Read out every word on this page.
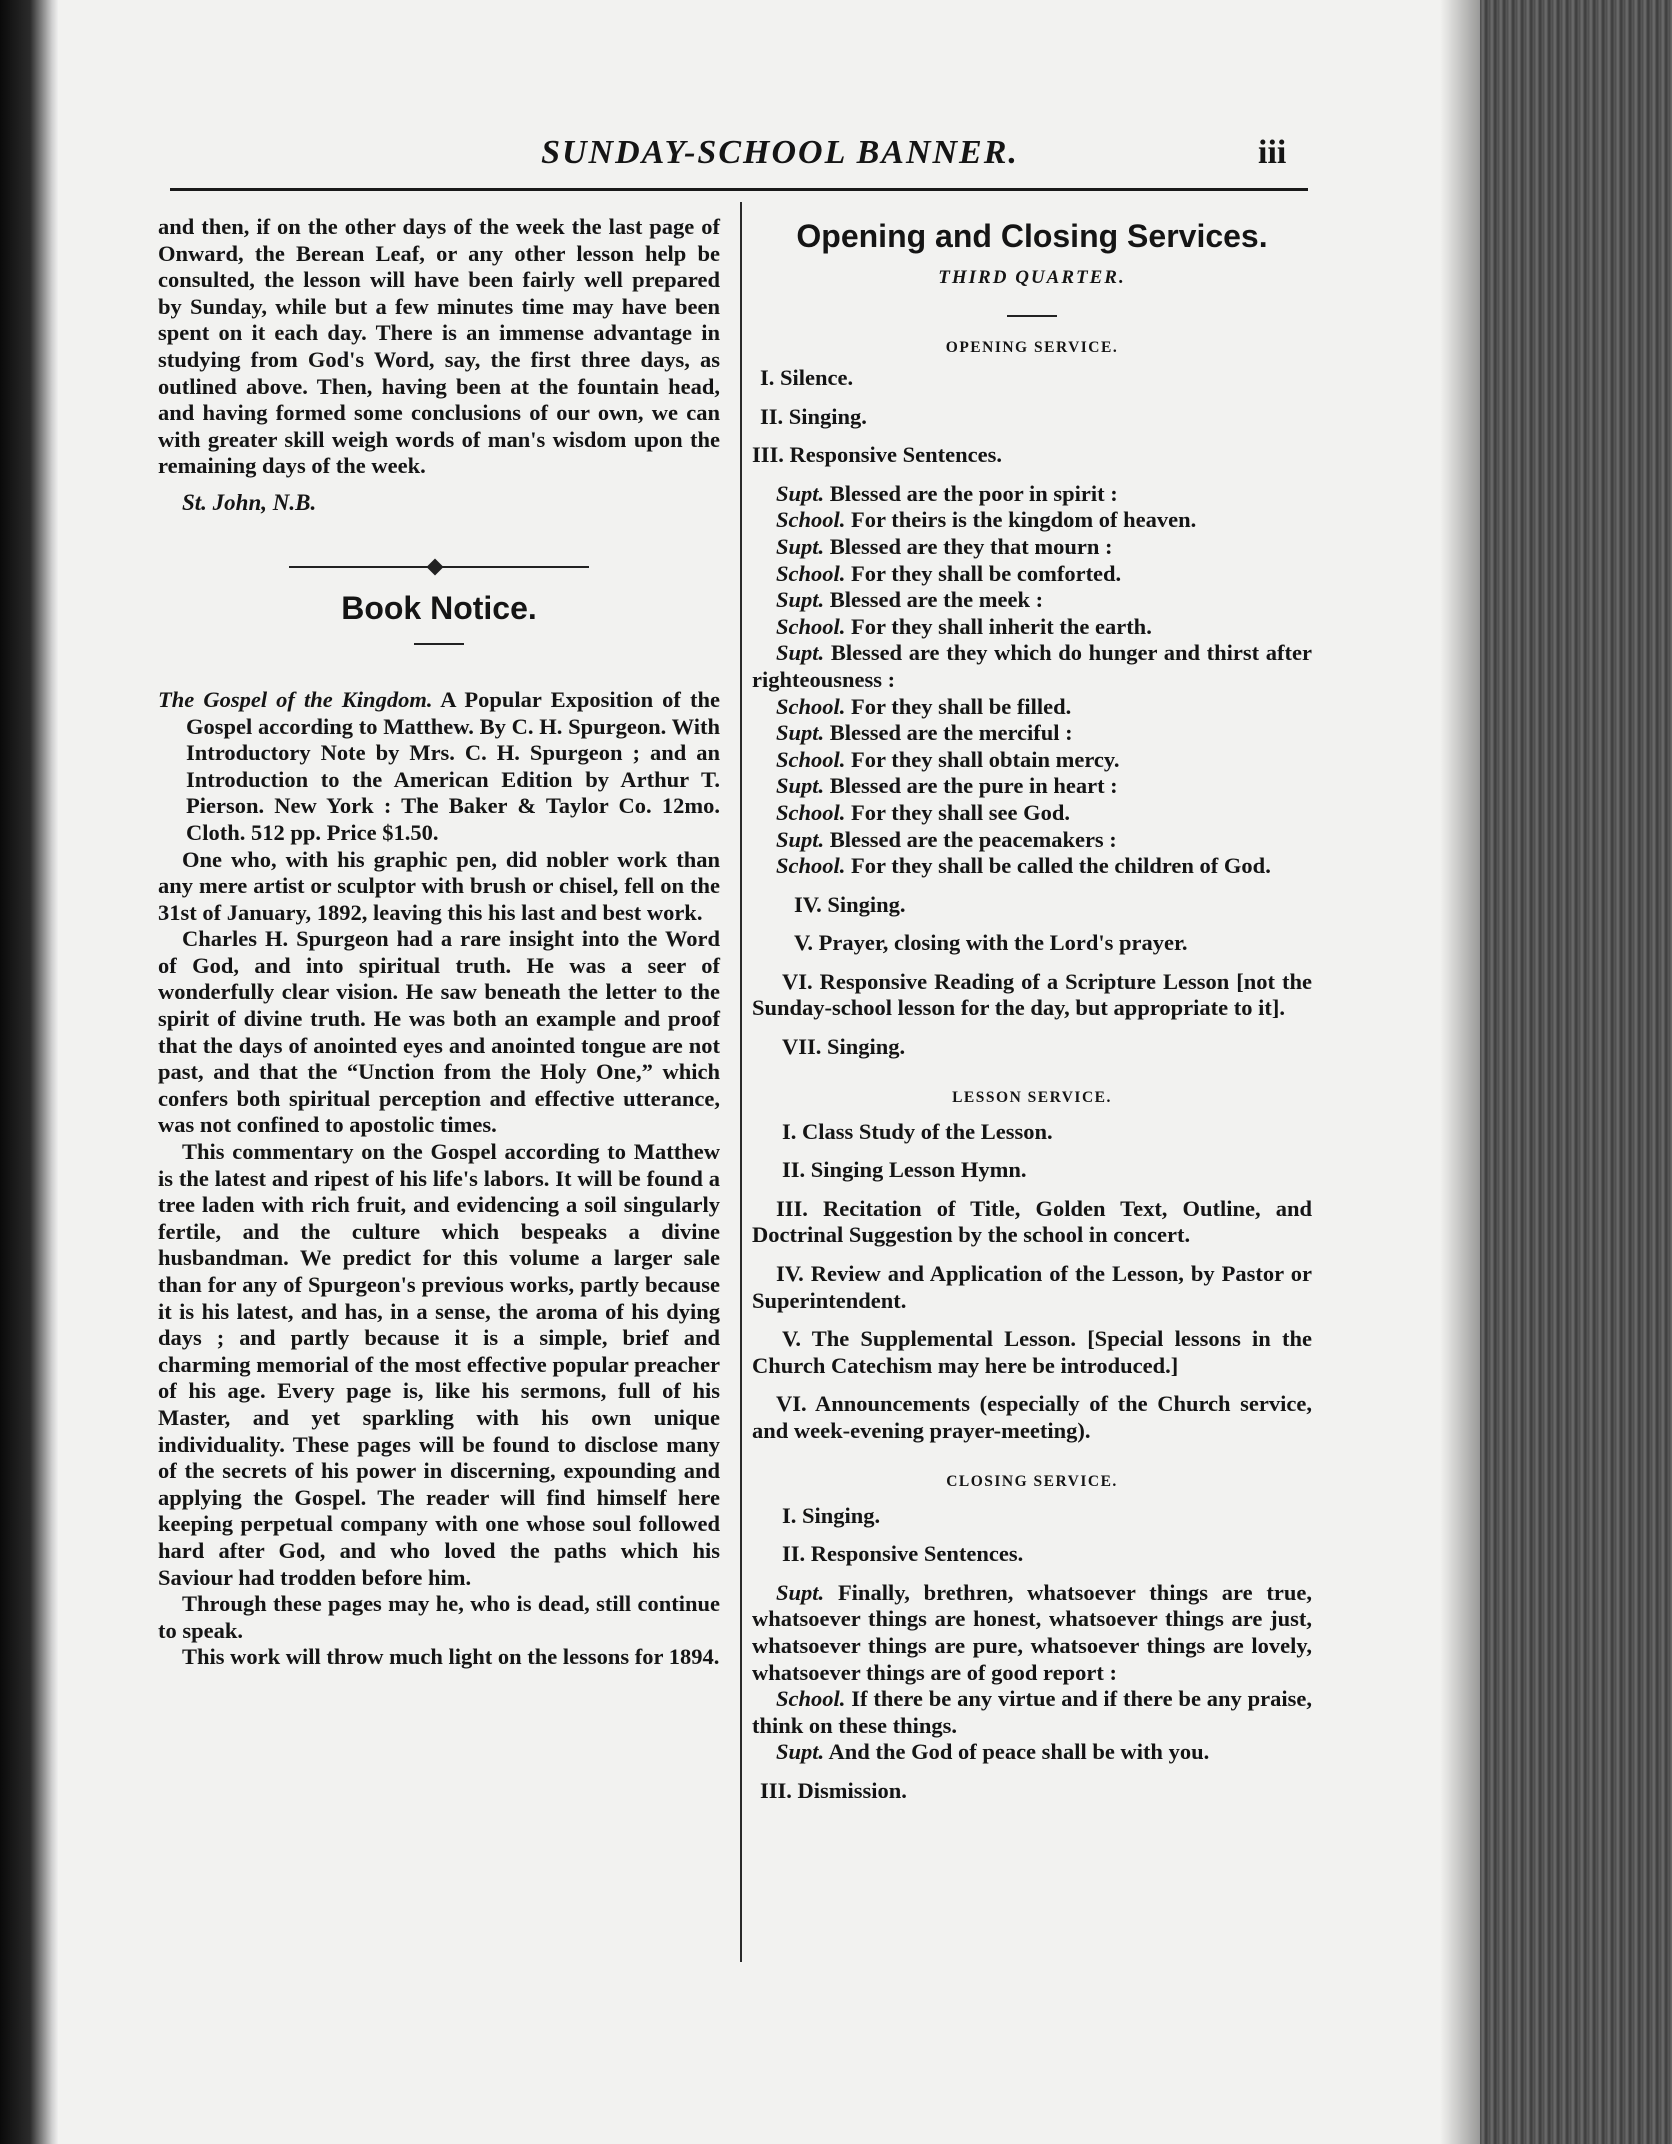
SUNDAY-SCHOOL BANNER.	iii

and then, if on the other days of the week the last page of Onward, the Berean Leaf, or any other lesson help be consulted, the lesson will have been fairly well prepared by Sunday, while but a few minutes time may have been spent on it each day. There is an immense advantage in studying from God's Word, say, the first three days, as outlined above. Then, having been at the fountain head, and having formed some conclusions of our own, we can with greater skill weigh words of man's wisdom upon the remaining days of the week.

St. John, N.B.

Book Notice.

The Gospel of the Kingdom. A Popular Exposition of the Gospel according to Matthew. By C. H. Spurgeon. With Introductory Note by Mrs. C. H. Spurgeon ; and an Introduction to the American Edition by Arthur T. Pierson. New York : The Baker & Taylor Co. 12mo. Cloth. 512 pp. Price $1.50.

One who, with his graphic pen, did nobler work than any mere artist or sculptor with brush or chisel, fell on the 31st of January, 1892, leaving this his last and best work.

Charles H. Spurgeon had a rare insight into the Word of God, and into spiritual truth. He was a seer of wonderfully clear vision. He saw beneath the letter to the spirit of divine truth. He was both an example and proof that the days of anointed eyes and anointed tongue are not past, and that the “Unction from the Holy One,” which confers both spiritual perception and effective utterance, was not confined to apostolic times.

This commentary on the Gospel according to Matthew is the latest and ripest of his life's labors. It will be found a tree laden with rich fruit, and evidencing a soil singularly fertile, and the culture which bespeaks a divine husbandman. We predict for this volume a larger sale than for any of Spurgeon's previous works, partly because it is his latest, and has, in a sense, the aroma of his dying days ; and partly because it is a simple, brief and charming memorial of the most effective popular preacher of his age. Every page is, like his sermons, full of his Master, and yet sparkling with his own unique individuality. These pages will be found to disclose many of the secrets of his power in discerning, expounding and applying the Gospel. The reader will find himself here keeping perpetual company with one whose soul followed hard after God, and who loved the paths which his Saviour had trodden before him.

Through these pages may he, who is dead, still continue to speak.

This work will throw much light on the lessons for 1894.

Opening and Closing Services.
THIRD QUARTER.
OPENING SERVICE.

I. Silence.

II. Singing.

III. Responsive Sentences.

Supt. Blessed are the poor in spirit :

School. For theirs is the kingdom of heaven.

Supt. Blessed are they that mourn :

School. For they shall be comforted.

Supt. Blessed are the meek :

School. For they shall inherit the earth.

Supt. Blessed are they which do hunger and thirst after righteousness :

School. For they shall be filled.

Supt. Blessed are the merciful :

School. For they shall obtain mercy.

Supt. Blessed are the pure in heart :

School. For they shall see God.

Supt. Blessed are the peacemakers :

School. For they shall be called the children of God.

IV. Singing.

V. Prayer, closing with the Lord's prayer.

VI. Responsive Reading of a Scripture Lesson [not the Sunday-school lesson for the day, but appropriate to it].

VII. Singing.

LESSON SERVICE.

I. Class Study of the Lesson.

II. Singing Lesson Hymn.

III. Recitation of Title, Golden Text, Outline, and Doctrinal Suggestion by the school in concert.

IV. Review and Application of the Lesson, by Pastor or Superintendent.

V. The Supplemental Lesson. [Special lessons in the Church Catechism may here be introduced.]

VI. Announcements (especially of the Church service, and week-evening prayer-meeting).

CLOSING SERVICE.

I. Singing.

II. Responsive Sentences.

Supt. Finally, brethren, whatsoever things are true, whatsoever things are honest, whatsoever things are just, whatsoever things are pure, whatsoever things are lovely, whatsoever things are of good report :

School. If there be any virtue and if there be any praise, think on these things.

Supt. And the God of peace shall be with you.

III. Dismission.
